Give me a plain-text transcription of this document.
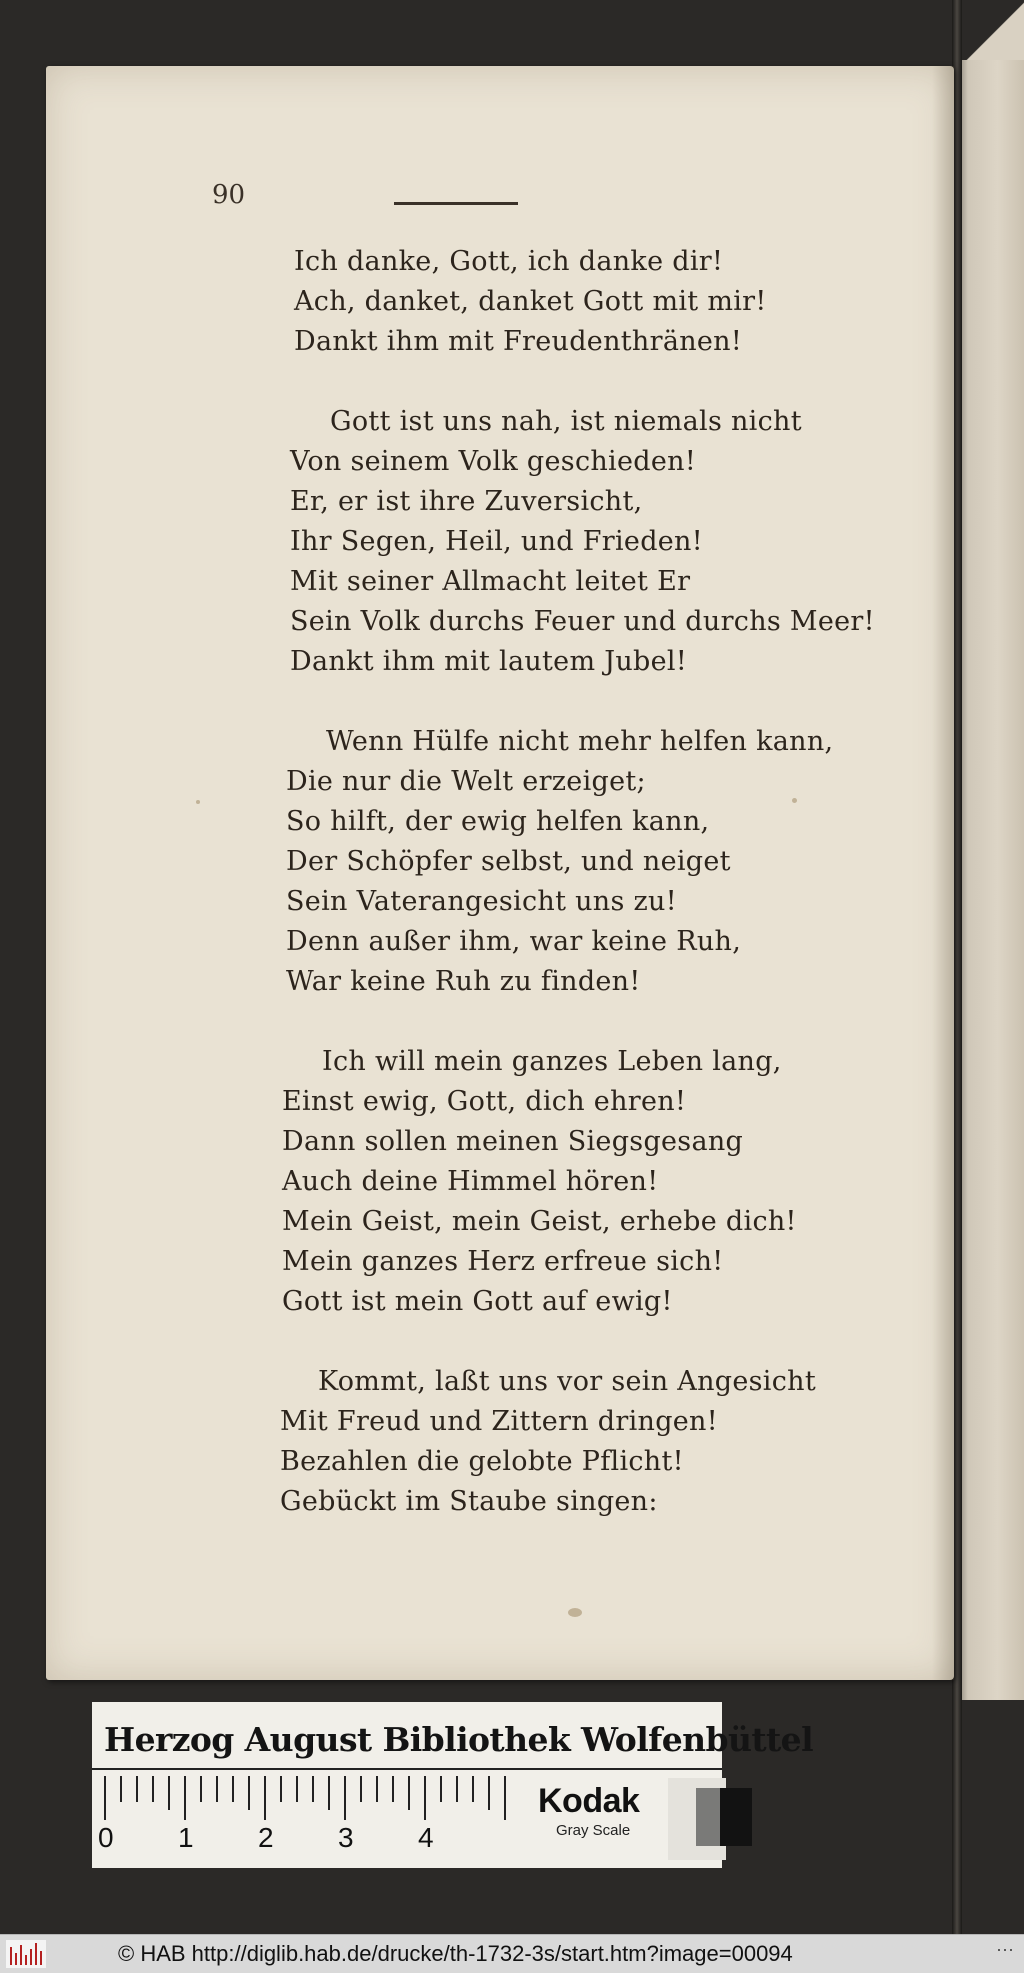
90
Ich danke, Gott, ich danke dir!
Ach, danket, danket Gott mit mir!
Dankt ihm mit Freudenthränen!
Gott ist uns nah, ist niemals nicht
Von seinem Volk geschieden!
Er, er ist ihre Zuversicht,
Ihr Segen, Heil, und Frieden!
Mit seiner Allmacht leitet Er
Sein Volk durchs Feuer und durchs Meer!
Dankt ihm mit lautem Jubel!
Wenn Hülfe nicht mehr helfen kann,
Die nur die Welt erzeiget;
So hilft, der ewig helfen kann,
Der Schöpfer selbst, und neiget
Sein Vaterangesicht uns zu!
Denn außer ihm, war keine Ruh,
War keine Ruh zu finden!
Ich will mein ganzes Leben lang,
Einst ewig, Gott, dich ehren!
Dann sollen meinen Siegsgesang
Auch deine Himmel hören!
Mein Geist, mein Geist, erhebe dich!
Mein ganzes Herz erfreue sich!
Gott ist mein Gott auf ewig!
Kommt, laßt uns vor sein Angesicht
Mit Freud und Zittern dringen!
Bezahlen die gelobte Pflicht!
Gebückt im Staube singen:
Herzog August Bibliothek Wolfenbüttel
0 1 2 3 4
Kodak
Gray Scale
© HAB http://diglib.hab.de/drucke/th-1732-3s/start.htm?image=00094	···
